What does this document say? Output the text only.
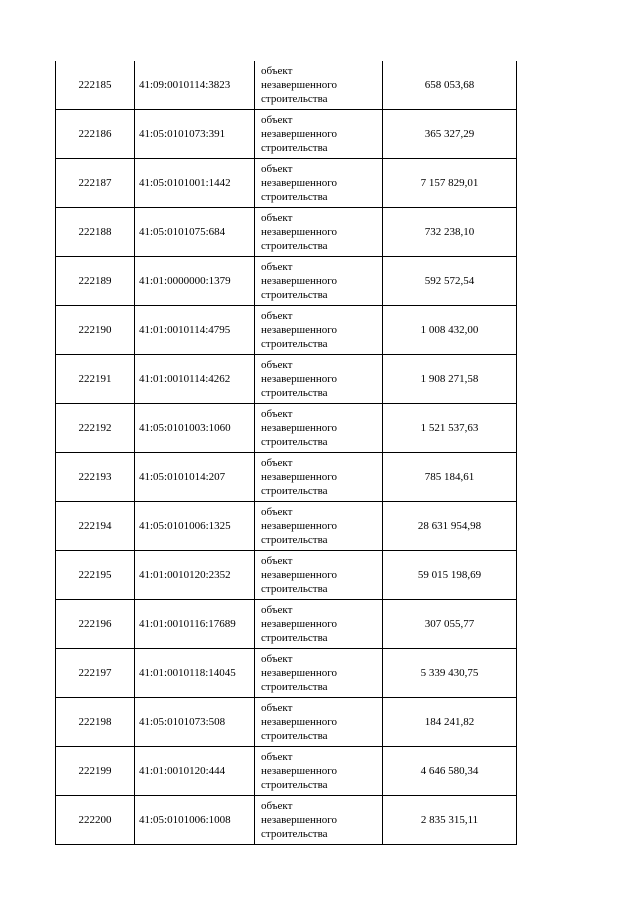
222185	41:09:0010114:3823	объект
незавершенного
строительства	658 053,68
222186	41:05:0101073:391	объект
незавершенного
строительства	365 327,29
222187	41:05:0101001:1442	объект
незавершенного
строительства	7 157 829,01
222188	41:05:0101075:684	объект
незавершенного
строительства	732 238,10
222189	41:01:0000000:1379	объект
незавершенного
строительства	592 572,54
222190	41:01:0010114:4795	объект
незавершенного
строительства	1 008 432,00
222191	41:01:0010114:4262	объект
незавершенного
строительства	1 908 271,58
222192	41:05:0101003:1060	объект
незавершенного
строительства	1 521 537,63
222193	41:05:0101014:207	объект
незавершенного
строительства	785 184,61
222194	41:05:0101006:1325	объект
незавершенного
строительства	28 631 954,98
222195	41:01:0010120:2352	объект
незавершенного
строительства	59 015 198,69
222196	41:01:0010116:17689	объект
незавершенного
строительства	307 055,77
222197	41:01:0010118:14045	объект
незавершенного
строительства	5 339 430,75
222198	41:05:0101073:508	объект
незавершенного
строительства	184 241,82
222199	41:01:0010120:444	объект
незавершенного
строительства	4 646 580,34
222200	41:05:0101006:1008	объект
незавершенного
строительства	2 835 315,11
